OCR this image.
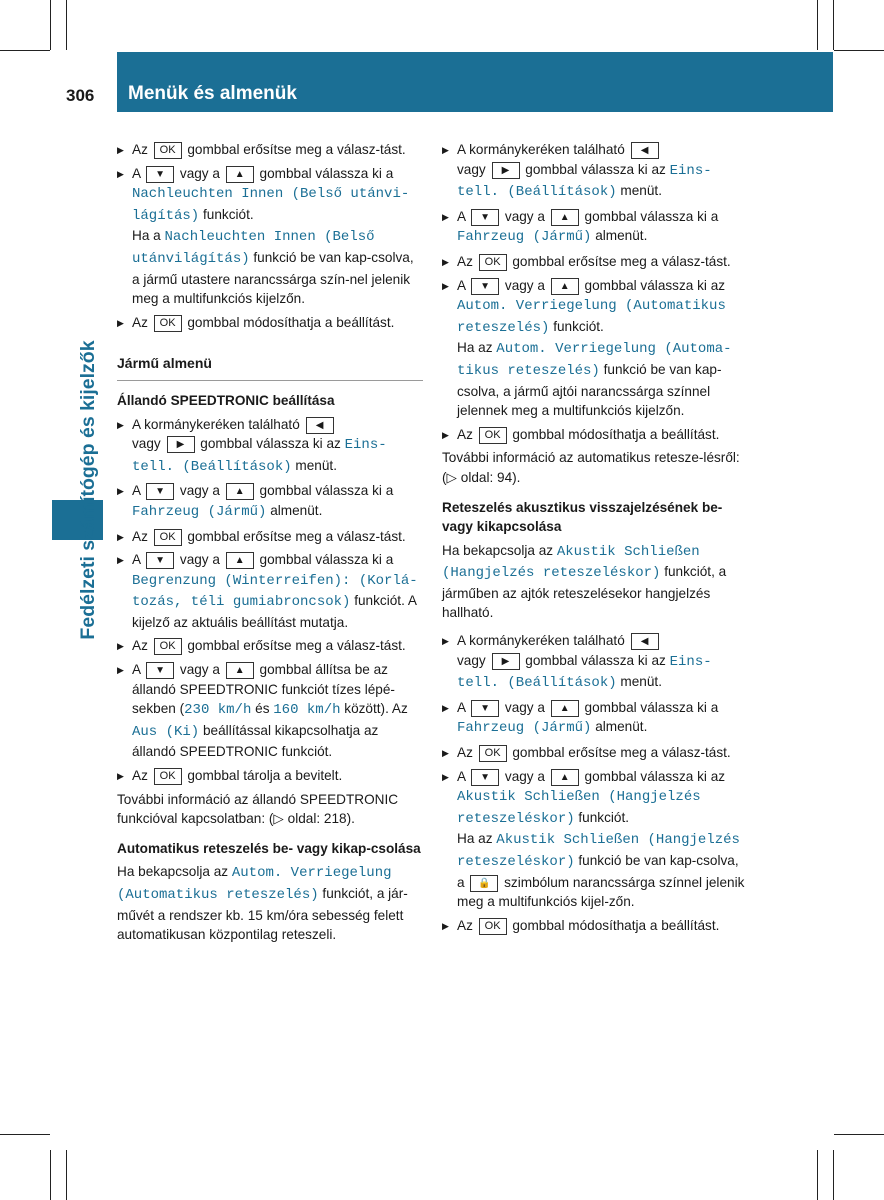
306 Menük és almenük
Fedélzeti számítógép és kijelzők
▶ Az OK gombbal erősítse meg a válasz-tást.
▶ A ▼ vagy a ▲ gombbal válassza ki a Nachleuchten Innen (Belső utánvi-lágítás) funkciót.
Ha a Nachleuchten Innen (Belső utánvilágítás) funkció be van kap-csolva, a jármű utastere narancssárga szín-nel jelenik meg a multifunkciós kijelzőn.
▶ Az OK gombbal módosíthatja a beállítást.
Jármű almenü
Állandó SPEEDTRONIC beállítása
▶ A kormánykeréken található ◀
vagy ▶ gombbal válassza ki az Eins-tell. (Beállítások) menüt.
▶ A ▼ vagy a ▲ gombbal válassza ki a Fahrzeug (Jármű) almenüt.
▶ Az OK gombbal erősítse meg a válasz-tást.
▶ A ▼ vagy a ▲ gombbal válassza ki a Begrenzung (Winterreifen): (Korlá-tozás, téli gumiabroncsok) funkciót. A kijelző az aktuális beállítást mutatja.
▶ Az OK gombbal erősítse meg a válasz-tást.
▶ A ▼ vagy a ▲ gombbal állítsa be az állandó SPEEDTRONIC funkciót tízes lépé-sekben (230 km/h és 160 km/h között). Az Aus (Ki) beállítással kikapcsolhatja az állandó SPEEDTRONIC funkciót.
▶ Az OK gombbal tárolja a bevitelt.
További információ az állandó SPEEDTRONIC funkcióval kapcsolatban: (▷ oldal: 218).
Automatikus reteszelés be- vagy kikap-csolása
Ha bekapcsolja az Autom. Verriegelung (Automatikus reteszelés) funkciót, a jár-művét a rendszer kb. 15 km/óra sebesség felett automatikusan központilag reteszeli.
▶ A kormánykeréken található ◀
vagy ▶ gombbal válassza ki az Eins-tell. (Beállítások) menüt.
▶ A ▼ vagy a ▲ gombbal válassza ki a Fahrzeug (Jármű) almenüt.
▶ Az OK gombbal erősítse meg a válasz-tást.
▶ A ▼ vagy a ▲ gombbal válassza ki az Autom. Verriegelung (Automatikus reteszelés) funkciót.
Ha az Autom. Verriegelung (Automa-tikus reteszelés) funkció be van kap-csolva, a jármű ajtói narancssárga színnel jelennek meg a multifunkciós kijelzőn.
▶ Az OK gombbal módosíthatja a beállítást.
További információ az automatikus retesze-lésről: (▷ oldal: 94).
Reteszelés akusztikus visszajelzésének be- vagy kikapcsolása
Ha bekapcsolja az Akustik Schließen (Hangjelzés reteszeléskor) funkciót, a járműben az ajtók reteszelésekor hangjelzés hallható.
▶ A kormánykeréken található ◀
vagy ▶ gombbal válassza ki az Eins-tell. (Beállítások) menüt.
▶ A ▼ vagy a ▲ gombbal válassza ki a Fahrzeug (Jármű) almenüt.
▶ Az OK gombbal erősítse meg a válasz-tást.
▶ A ▼ vagy a ▲ gombbal válassza ki az Akustik Schließen (Hangjelzés reteszeléskor) funkciót.
Ha az Akustik Schließen (Hangjelzés reteszeléskor) funkció be van kap-csolva, a 🔒 szimbólum narancssárga színnel jelenik meg a multifunkciós kijel-zőn.
▶ Az OK gombbal módosíthatja a beállítást.
